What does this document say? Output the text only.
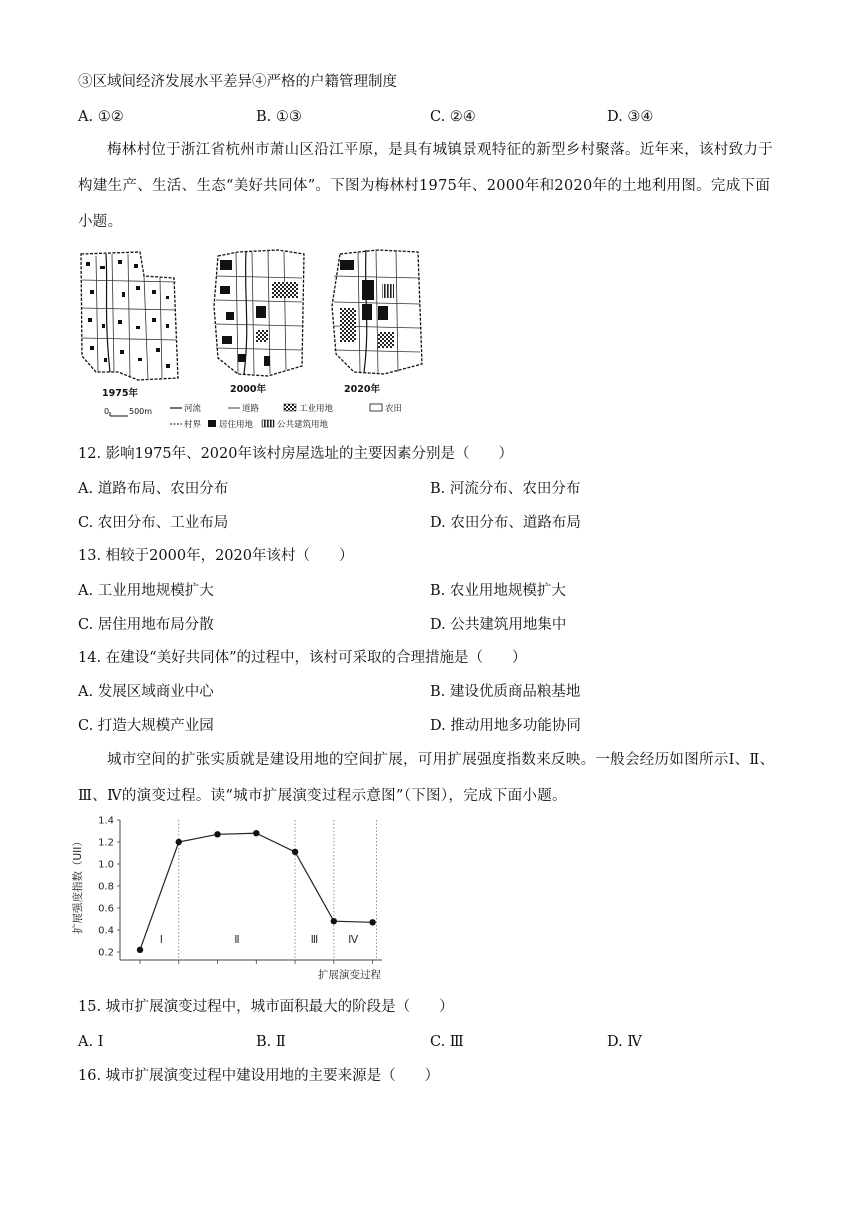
③区域间经济发展水平差异④严格的户籍管理制度
A. ①②	B. ①③	C. ②④	D. ③④
梅林村位于浙江省杭州市萧山区沿江平原，是具有城镇景观特征的新型乡村聚落。近年来，该村致力于构建生产、生活、生态“美好共同体”。下图为梅林村1975年、2000年和2020年的土地利用图。完成下面小题。
1975年	2000年	2020年
0 500m	河流	道路	工业用地	农田
村界 居住用地	公共建筑用地
12. 影响1975年、2020年该村房屋选址的主要因素分别是（　　）
A. 道路布局、农田分布	B. 河流分布、农田分布
C. 农田分布、工业布局	D. 农田分布、道路布局
13. 相较于2000年，2020年该村（　　）
A. 工业用地规模扩大	B. 农业用地规模扩大
C. 居住用地布局分散	D. 公共建筑用地集中
14. 在建设“美好共同体”的过程中，该村可采取的合理措施是（　　）
A. 发展区域商业中心	B. 建设优质商品粮基地
C. 打造大规模产业园	D. 推动用地多功能协同
城市空间的扩张实质就是建设用地的空间扩展，可用扩展强度指数来反映。一般会经历如图所示Ⅰ、Ⅱ、Ⅲ、Ⅳ的演变过程。读“城市扩展演变过程示意图”（下图），完成下面小题。
0.2
0.4
0.6
0.8
1.0
1.2
1.4
Ⅰ	Ⅱ	Ⅲ	Ⅳ
扩展强度指数（UII）
扩展演变过程
15. 城市扩展演变过程中，城市面积最大的阶段是（　　）
A. Ⅰ	B. Ⅱ	C. Ⅲ	D. Ⅳ
16. 城市扩展演变过程中建设用地的主要来源是（　　）
